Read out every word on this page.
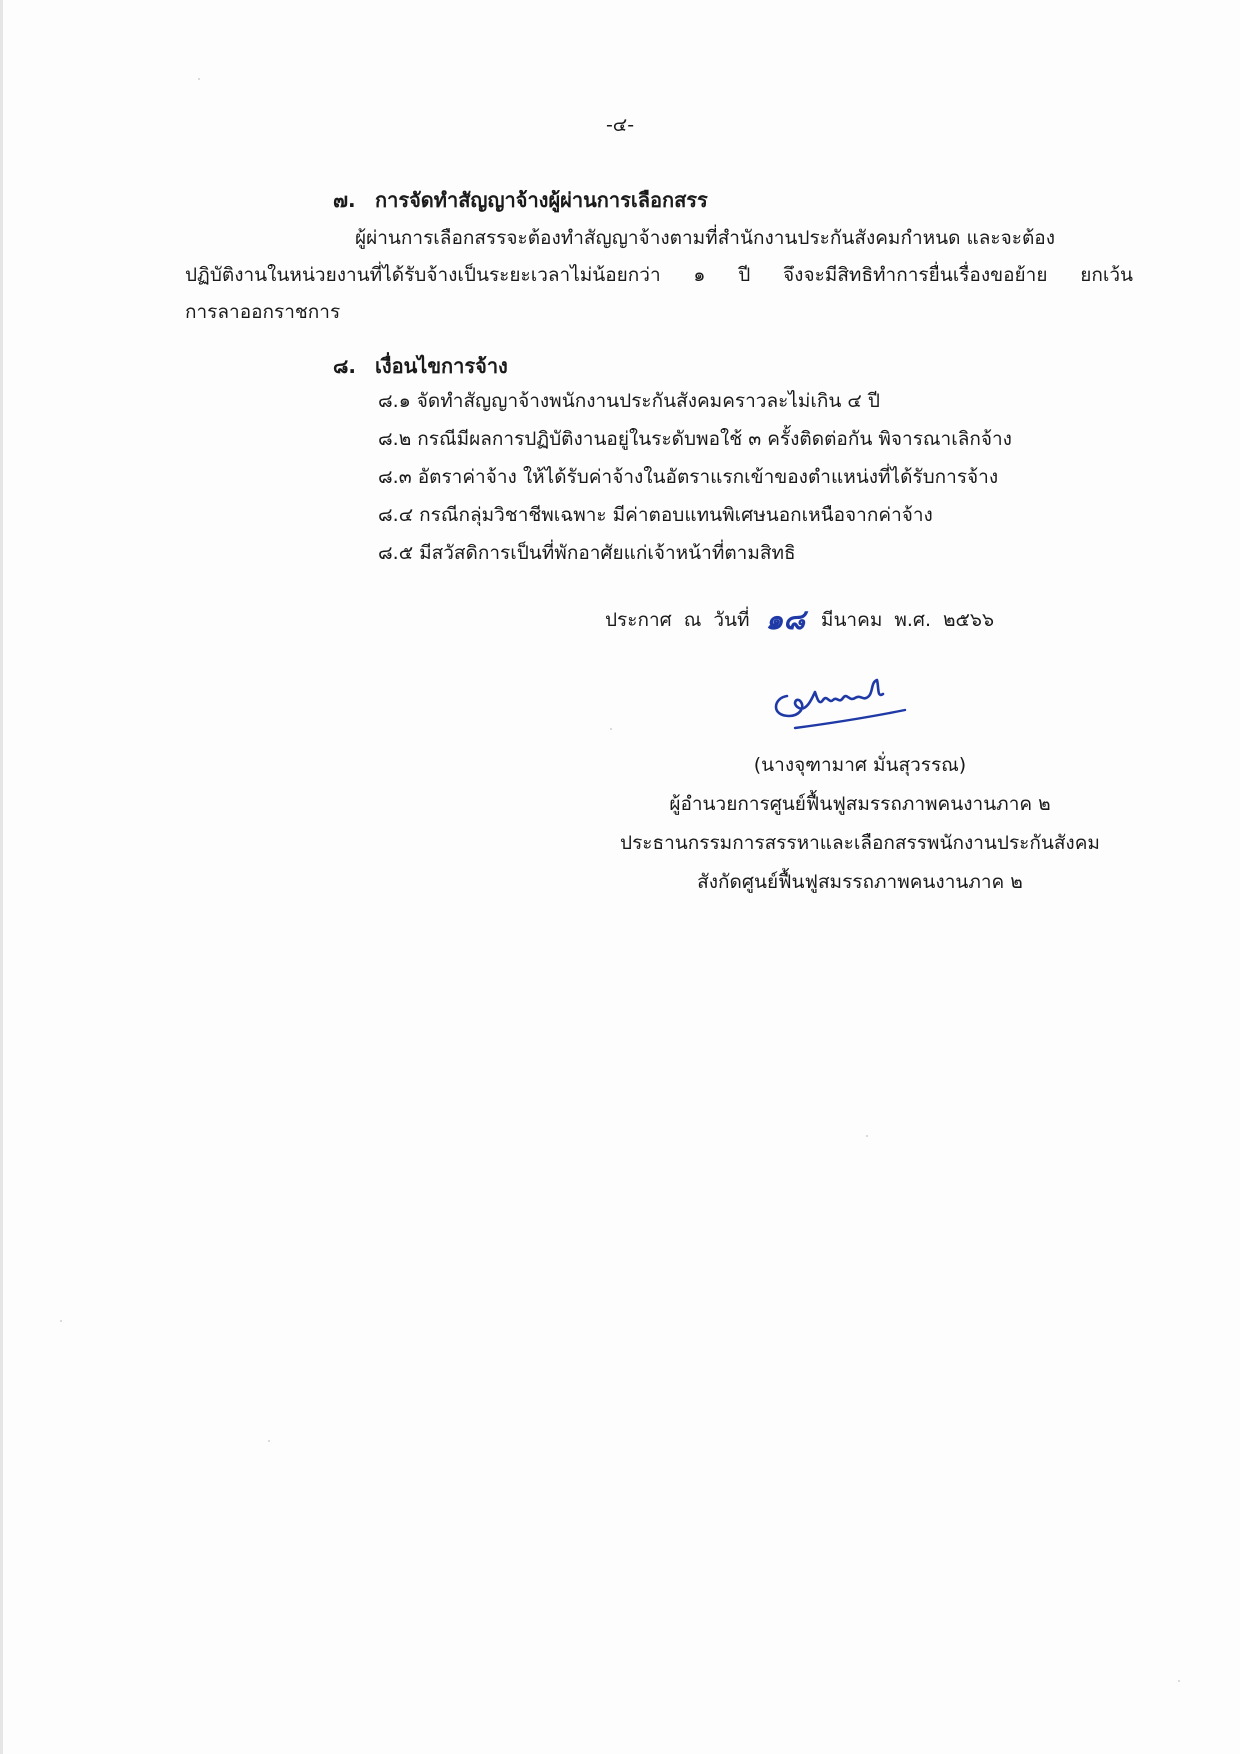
-๔-
๗. การจัดทำสัญญาจ้างผู้ผ่านการเลือกสรร
ผู้ผ่านการเลือกสรรจะต้องทำสัญญาจ้างตามที่สำนักงานประกันสังคมกำหนด และจะต้อง
ปฏิบัติงานในหน่วยงานที่ได้รับจ้างเป็นระยะเวลาไม่น้อยกว่า ๑ ปี จึงจะมีสิทธิทำการยื่นเรื่องขอย้าย ยกเว้น
การลาออกราชการ
๘. เงื่อนไขการจ้าง
๘.๑ จัดทำสัญญาจ้างพนักงานประกันสังคมคราวละไม่เกิน ๔ ปี
๘.๒ กรณีมีผลการปฏิบัติงานอยู่ในระดับพอใช้ ๓ ครั้งติดต่อกัน พิจารณาเลิกจ้าง
๘.๓ อัตราค่าจ้าง ให้ได้รับค่าจ้างในอัตราแรกเข้าของตำแหน่งที่ได้รับการจ้าง
๘.๔ กรณีกลุ่มวิชาชีพเฉพาะ มีค่าตอบแทนพิเศษนอกเหนือจากค่าจ้าง
๘.๕ มีสวัสดิการเป็นที่พักอาศัยแก่เจ้าหน้าที่ตามสิทธิ
ประกาศ ณ วันที่ ๑๘ มีนาคม พ.ศ. ๒๕๖๖
(นางจุฑามาศ มั่นสุวรรณ)
ผู้อำนวยการศูนย์ฟื้นฟูสมรรถภาพคนงานภาค ๒
ประธานกรรมการสรรหาและเลือกสรรพนักงานประกันสังคม
สังกัดศูนย์ฟื้นฟูสมรรถภาพคนงานภาค ๒
